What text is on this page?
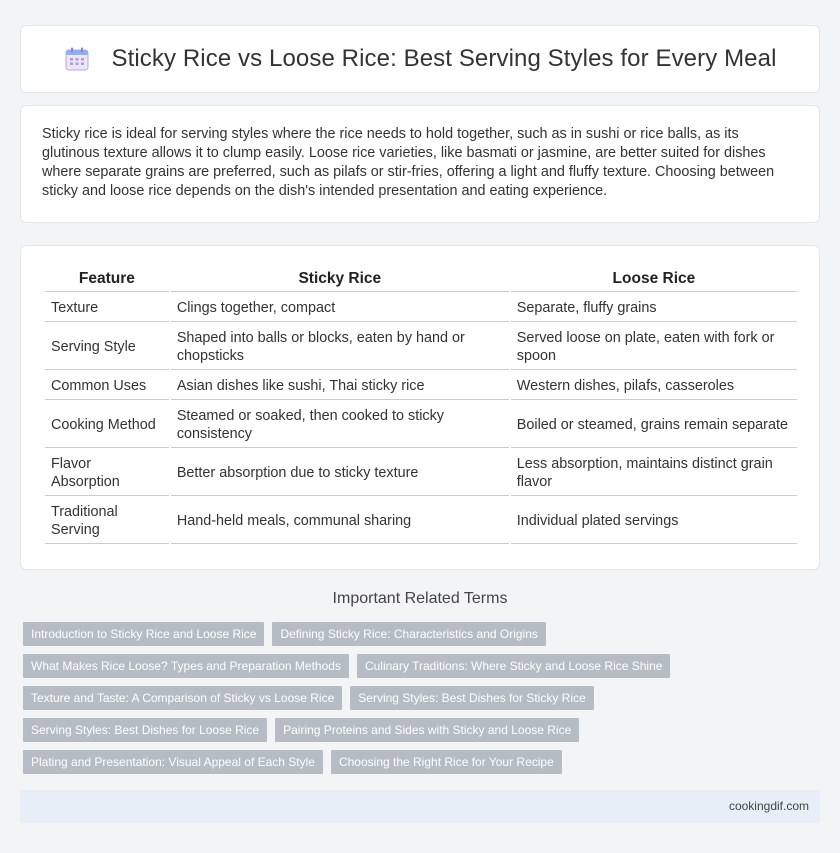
Sticky Rice vs Loose Rice: Best Serving Styles for Every Meal

Sticky rice is ideal for serving styles where the rice needs to hold together, such as in sushi or rice balls, as its glutinous texture allows it to clump easily. Loose rice varieties, like basmati or jasmine, are better suited for dishes where separate grains are preferred, such as pilafs or stir-fries, offering a light and fluffy texture. Choosing between sticky and loose rice depends on the dish's intended presentation and eating experience.

Feature	Sticky Rice	Loose Rice
Texture	Clings together, compact	Separate, fluffy grains
Serving Style	Shaped into balls or blocks, eaten by hand or chopsticks	Served loose on plate, eaten with fork or spoon
Common Uses	Asian dishes like sushi, Thai sticky rice	Western dishes, pilafs, casseroles
Cooking Method	Steamed or soaked, then cooked to sticky consistency	Boiled or steamed, grains remain separate
Flavor Absorption	Better absorption due to sticky texture	Less absorption, maintains distinct grain flavor
Traditional Serving	Hand-held meals, communal sharing	Individual plated servings
Important Related Terms
Introduction to Sticky Rice and Loose Rice	Defining Sticky Rice: Characteristics and Origins
What Makes Rice Loose? Types and Preparation Methods	Culinary Traditions: Where Sticky and Loose Rice Shine
Texture and Taste: A Comparison of Sticky vs Loose Rice	Serving Styles: Best Dishes for Sticky Rice
Serving Styles: Best Dishes for Loose Rice	Pairing Proteins and Sides with Sticky and Loose Rice
Plating and Presentation: Visual Appeal of Each Style	Choosing the Right Rice for Your Recipe
cookingdif.com
